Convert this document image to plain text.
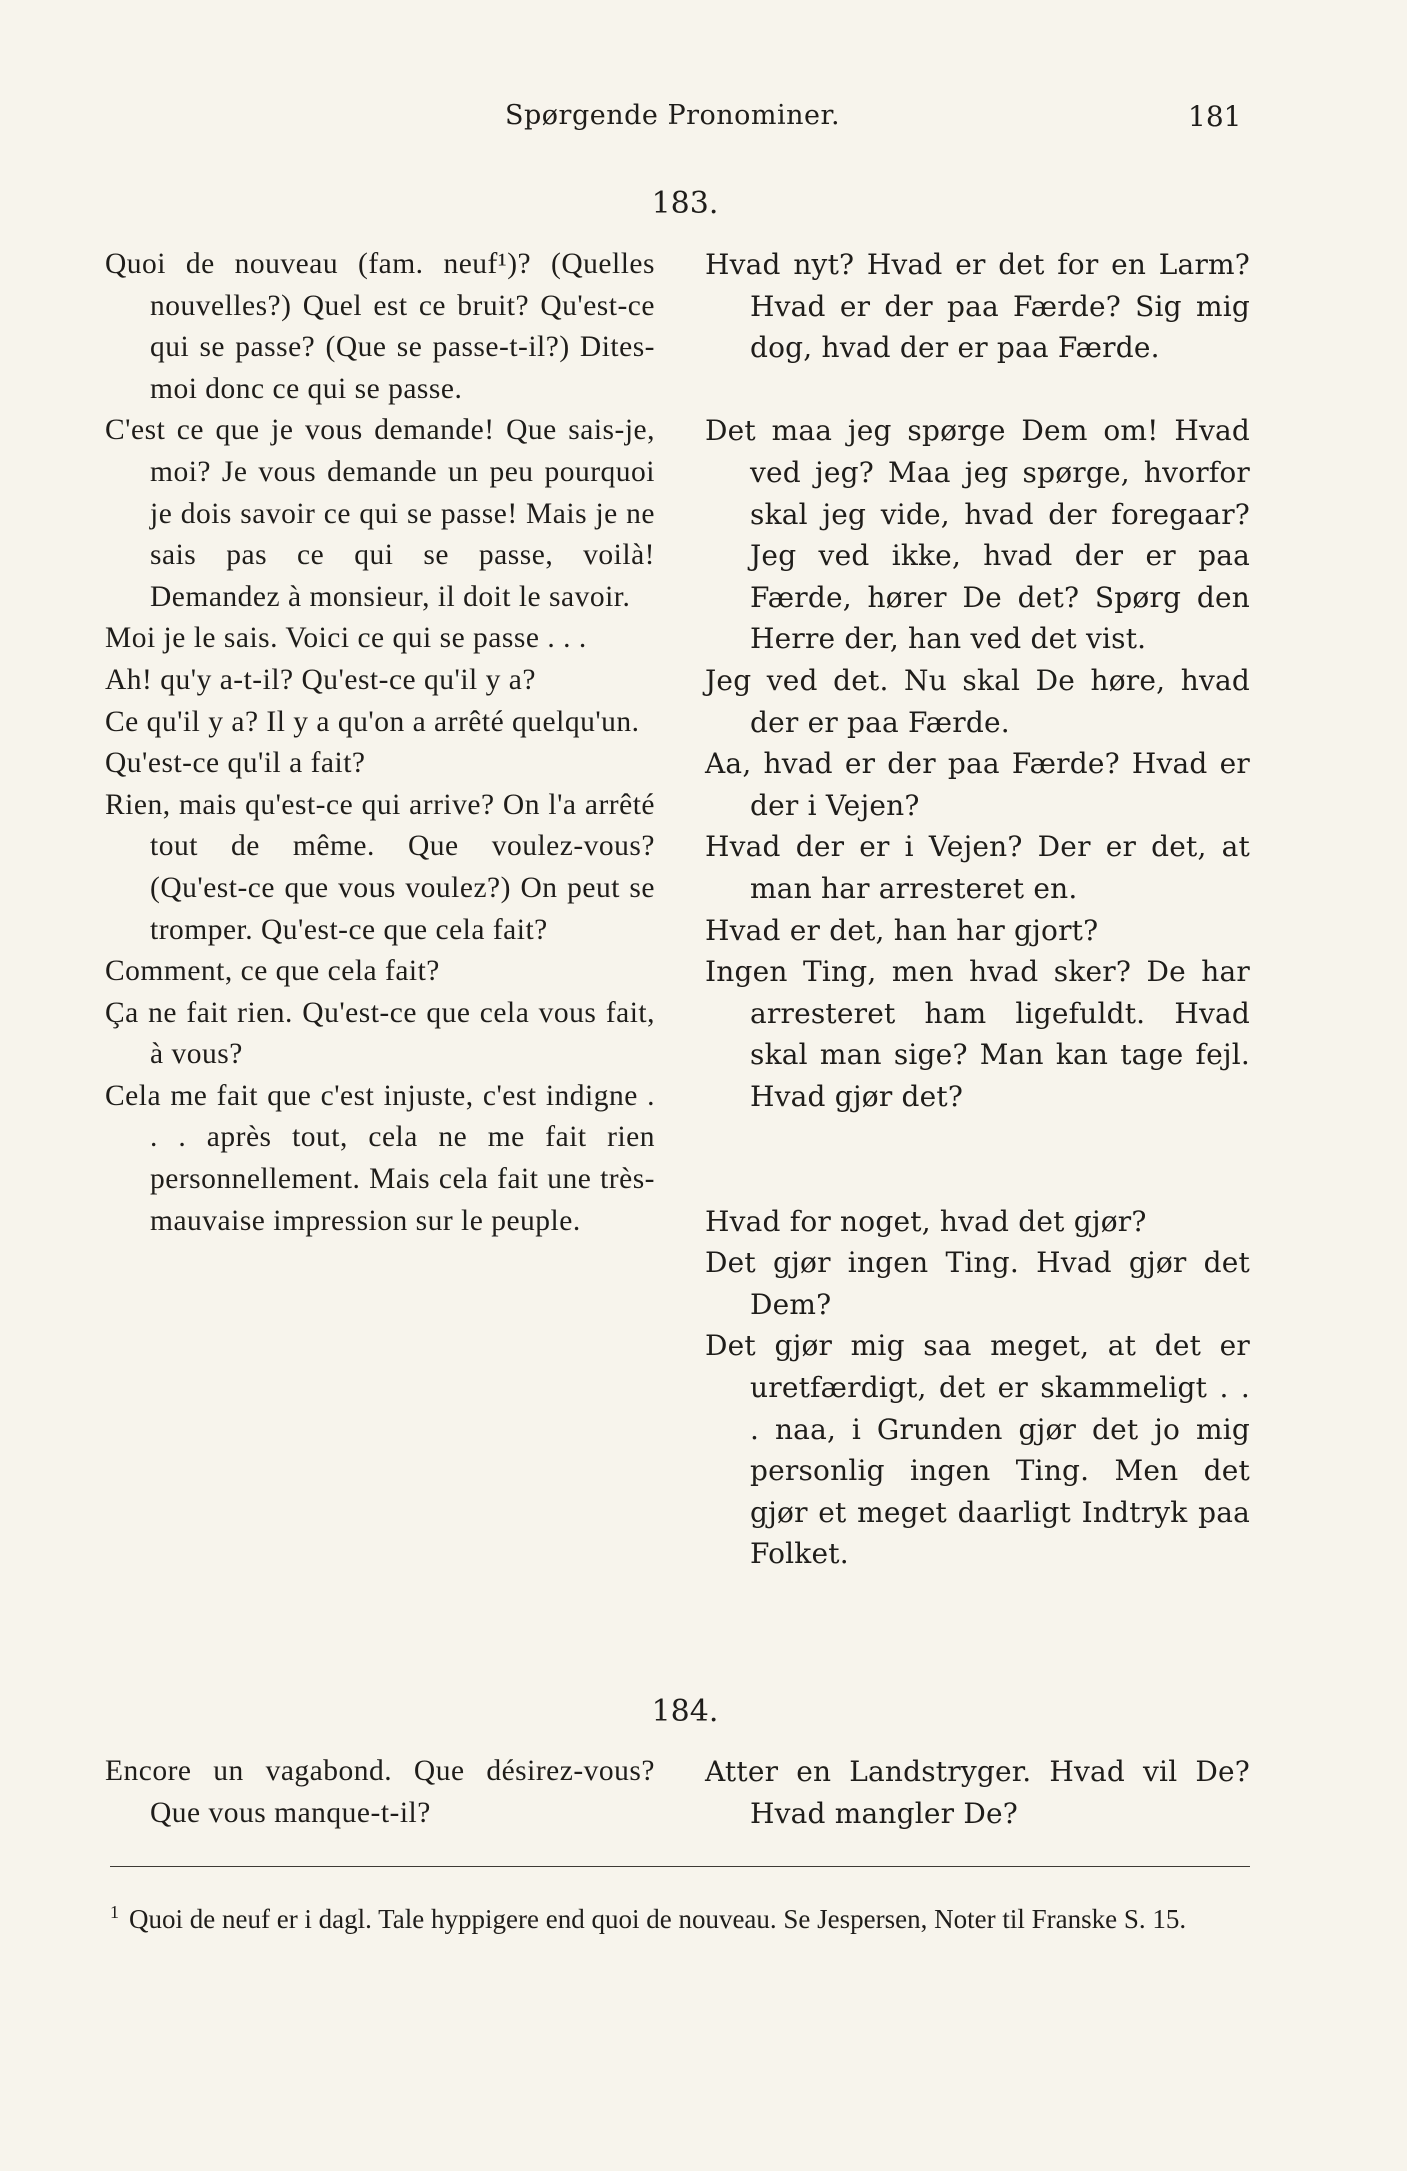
Spørgende Pronominer.	181
183.

Quoi de nouveau (fam. neuf¹)? (Quelles nouvelles?) Quel est ce bruit? Qu'est-ce qui se passe? (Que se passe-t-il?) Dites-moi donc ce qui se passe.

C'est ce que je vous demande! Que sais-je, moi? Je vous demande un peu pourquoi je dois savoir ce qui se passe! Mais je ne sais pas ce qui se passe, voilà! Demandez à monsieur, il doit le savoir.

Moi je le sais. Voici ce qui se passe . . .

Ah! qu'y a-t-il? Qu'est-ce qu'il y a?

Ce qu'il y a? Il y a qu'on a arrêté quelqu'un.

Qu'est-ce qu'il a fait?

Rien, mais qu'est-ce qui arrive? On l'a arrêté tout de même. Que voulez-vous? (Qu'est-ce que vous voulez?) On peut se tromper. Qu'est-ce que cela fait?

Comment, ce que cela fait?

Ça ne fait rien. Qu'est-ce que cela vous fait, à vous?

Cela me fait que c'est injuste, c'est indigne . . . après tout, cela ne me fait rien personnellement. Mais cela fait une très-mauvaise impression sur le peuple.

Hvad nyt? Hvad er det for en Larm? Hvad er der paa Færde? Sig mig dog, hvad der er paa Færde.

Det maa jeg spørge Dem om! Hvad ved jeg? Maa jeg spørge, hvorfor skal jeg vide, hvad der foregaar? Jeg ved ikke, hvad der er paa Færde, hører De det? Spørg den Herre der, han ved det vist.

Jeg ved det. Nu skal De høre, hvad der er paa Færde.

Aa, hvad er der paa Færde? Hvad er der i Vejen?

Hvad der er i Vejen? Der er det, at man har arresteret en.

Hvad er det, han har gjort?

Ingen Ting, men hvad sker? De har arresteret ham ligefuldt. Hvad skal man sige? Man kan tage fejl. Hvad gjør det?

Hvad for noget, hvad det gjør?

Det gjør ingen Ting. Hvad gjør det Dem?

Det gjør mig saa meget, at det er uretfærdigt, det er skammeligt . . . naa, i Grunden gjør det jo mig personlig ingen Ting. Men det gjør et meget daarligt Indtryk paa Folket.

184.

Encore un vagabond. Que désirez-vous? Que vous manque-t-il?

Atter en Landstryger. Hvad vil De? Hvad mangler De?

$^1$ Quoi de neuf er i dagl. Tale hyppigere end quoi de nouveau. Se Jespersen, Noter til Franske S. 15.
